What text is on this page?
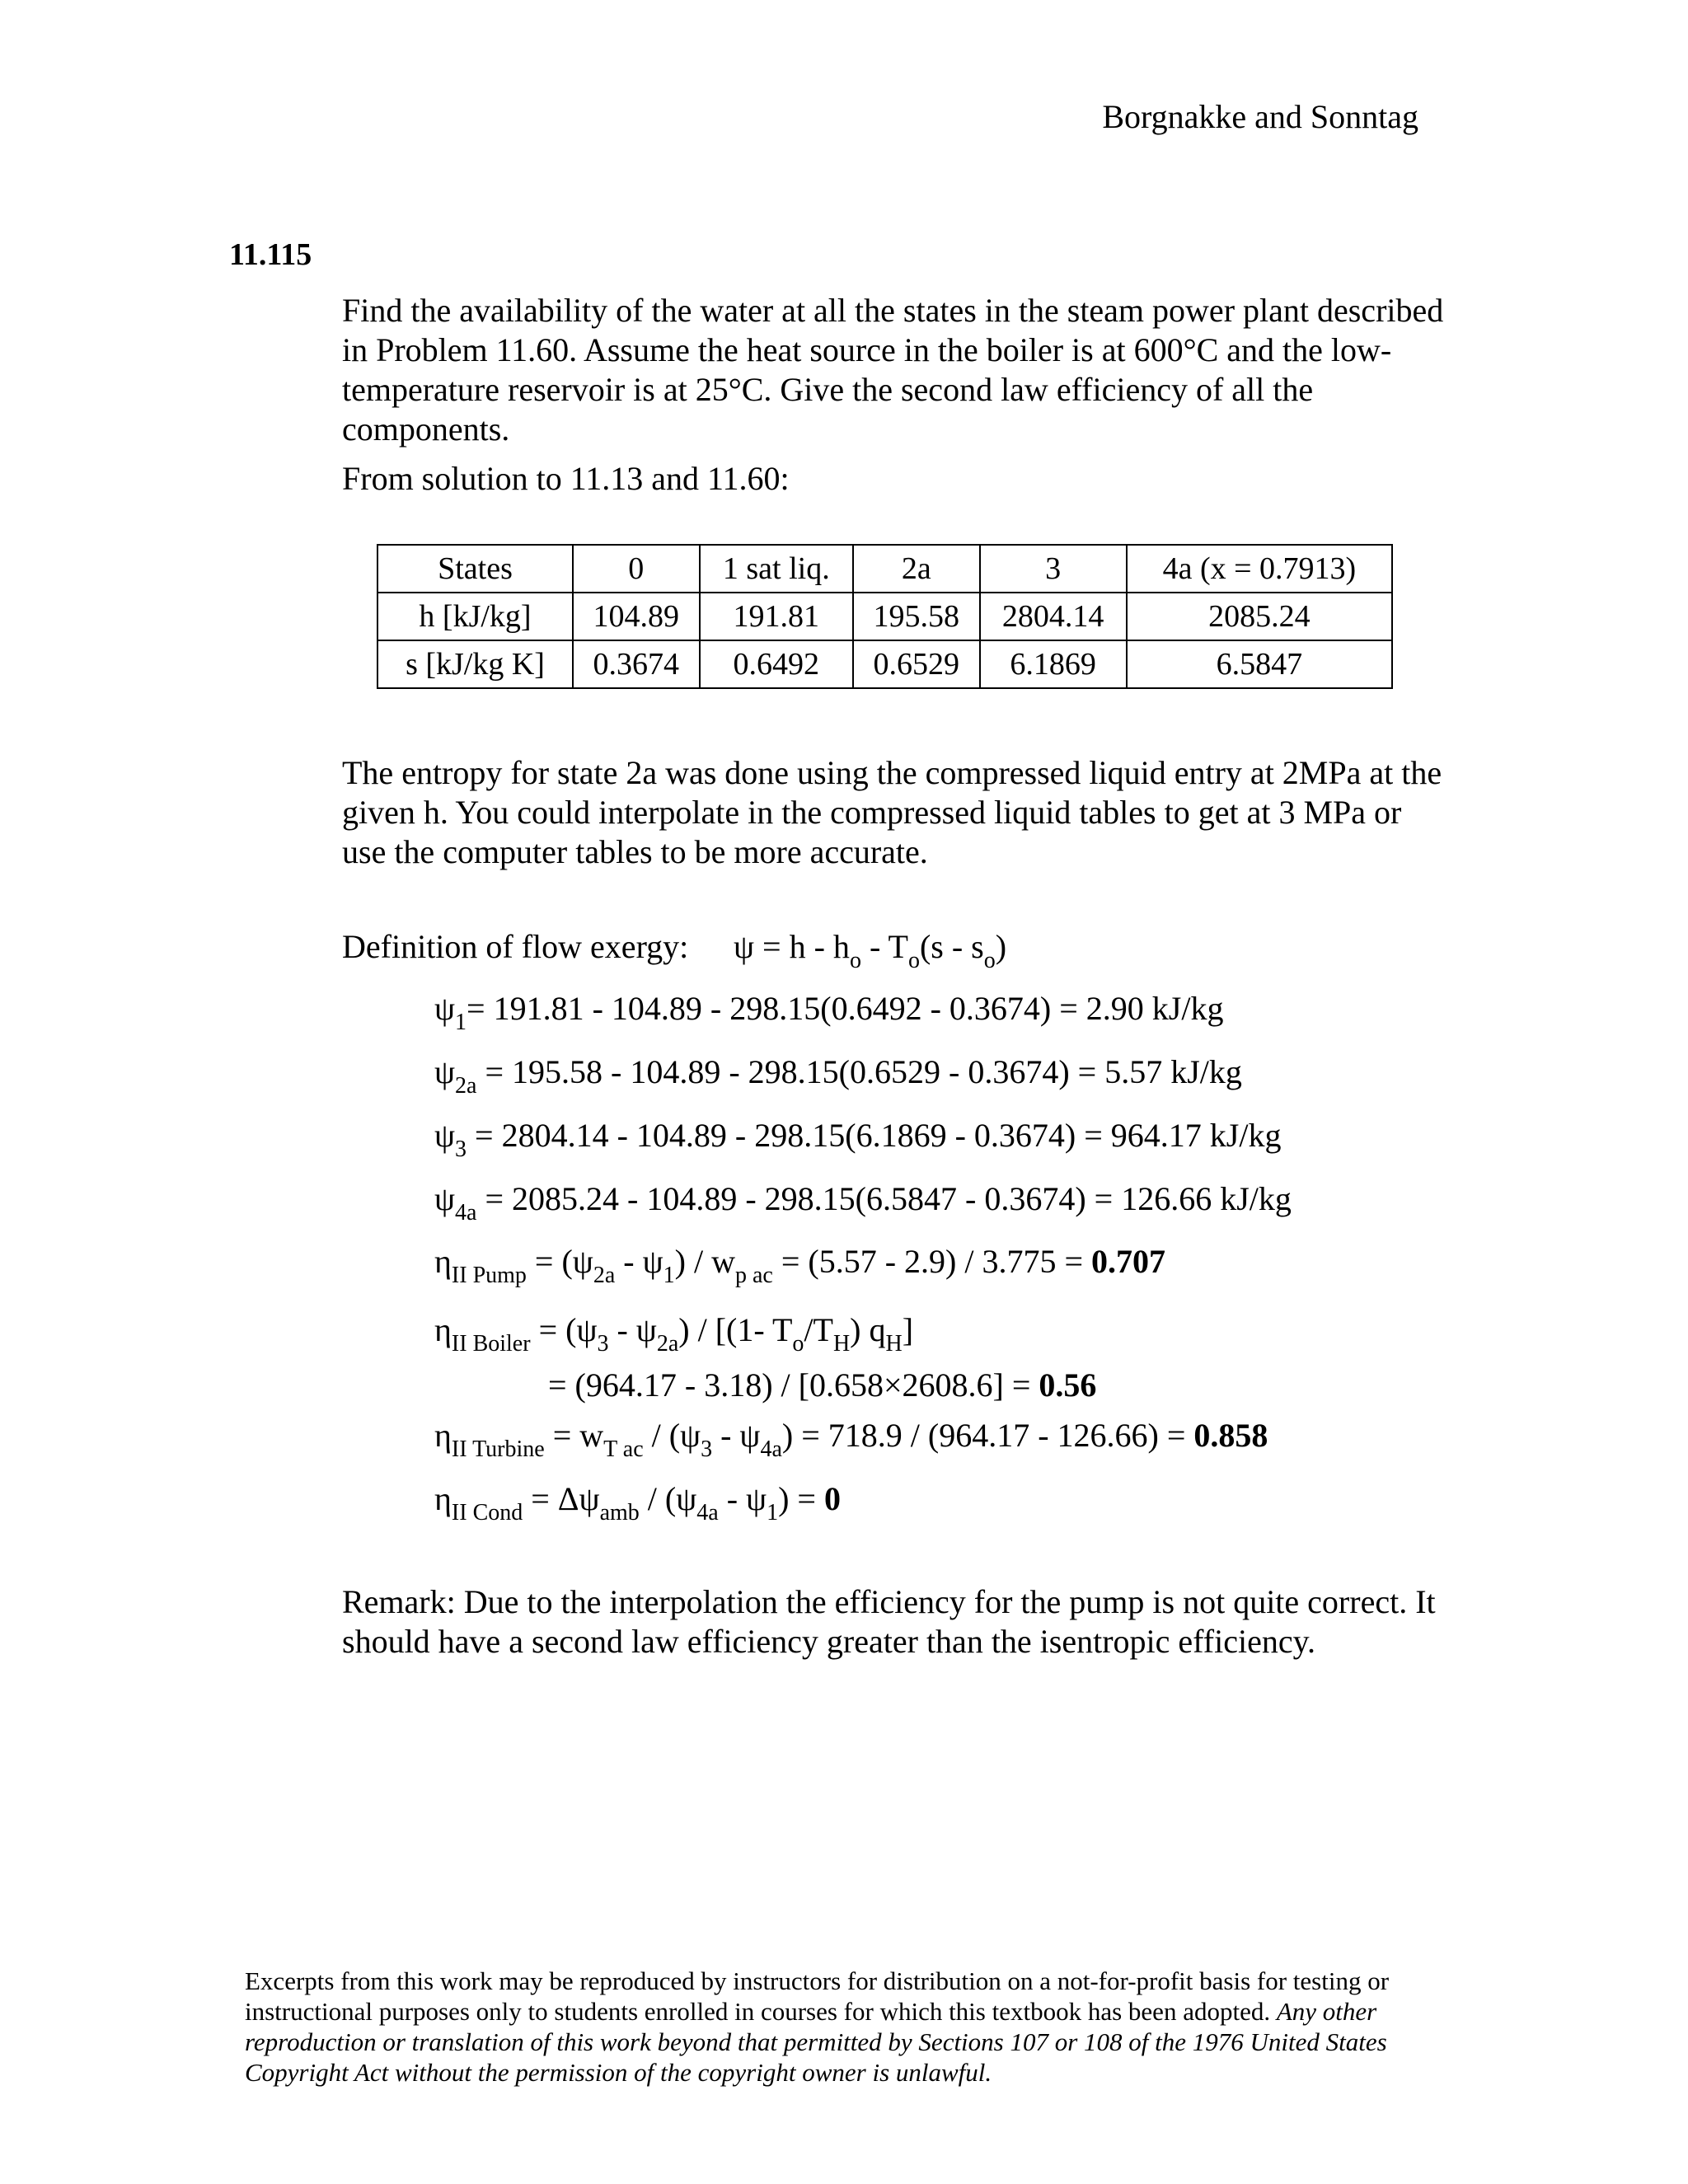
Borgnakke and Sonntag
11.115
Find the availability of the water at all the states in the steam power plant described in Problem 11.60. Assume the heat source in the boiler is at 600°C and the low-temperature reservoir is at 25°C. Give the second law efficiency of all the components.
From solution to 11.13 and 11.60:
States	0	1 sat liq.	2a	3	4a (x = 0.7913)
h [kJ/kg]	104.89	191.81	195.58	2804.14	2085.24
s [kJ/kg K]	0.3674	0.6492	0.6529	6.1869	6.5847
The entropy for state 2a was done using the compressed liquid entry at 2MPa at the given h. You could interpolate in the compressed liquid tables to get at 3 MPa or use the computer tables to be more accurate.
Definition of flow exergy: $\psi = h - h_o - T_o(s - s_o)$
$\psi_1= 191.81 - 104.89 - 298.15(0.6492 - 0.3674) = 2.90$ kJ/kg
$\psi_{2a} = 195.58 - 104.89 - 298.15(0.6529 - 0.3674) = 5.57$ kJ/kg
$\psi_3 = 2804.14 - 104.89 - 298.15(6.1869 - 0.3674) = 964.17$ kJ/kg
$\psi_{4a} = 2085.24 - 104.89 - 298.15(6.5847 - 0.3674) = 126.66$ kJ/kg
$\eta_{II Pump} = (\psi_{2a} - \psi_1) / w_{p ac} = (5.57 - 2.9) / 3.775 = 0.707$
$\eta_{II Boiler} = (\psi_3 - \psi_{2a}) / [(1-$ $T_o/T_H$) $q_H$]
= (964.17 - 3.18) / [0.658×2608.6] = 0.56
$\eta_{II Turbine} = w_{T ac} / (\psi_3 - \psi_{4a}) = 718.9 / (964.17 - 126.66) = 0.858$
$\eta_{II Cond} = \Delta\psi_{amb} / (\psi_{4a} - \psi_1) = 0$
Remark: Due to the interpolation the efficiency for the pump is not quite correct. It should have a second law efficiency greater than the isentropic efficiency.
Excerpts from this work may be reproduced by instructors for distribution on a not-for-profit basis for testing or instructional purposes only to students enrolled in courses for which this textbook has been adopted. Any other reproduction or translation of this work beyond that permitted by Sections 107 or 108 of the 1976 United States Copyright Act without the permission of the copyright owner is unlawful.
